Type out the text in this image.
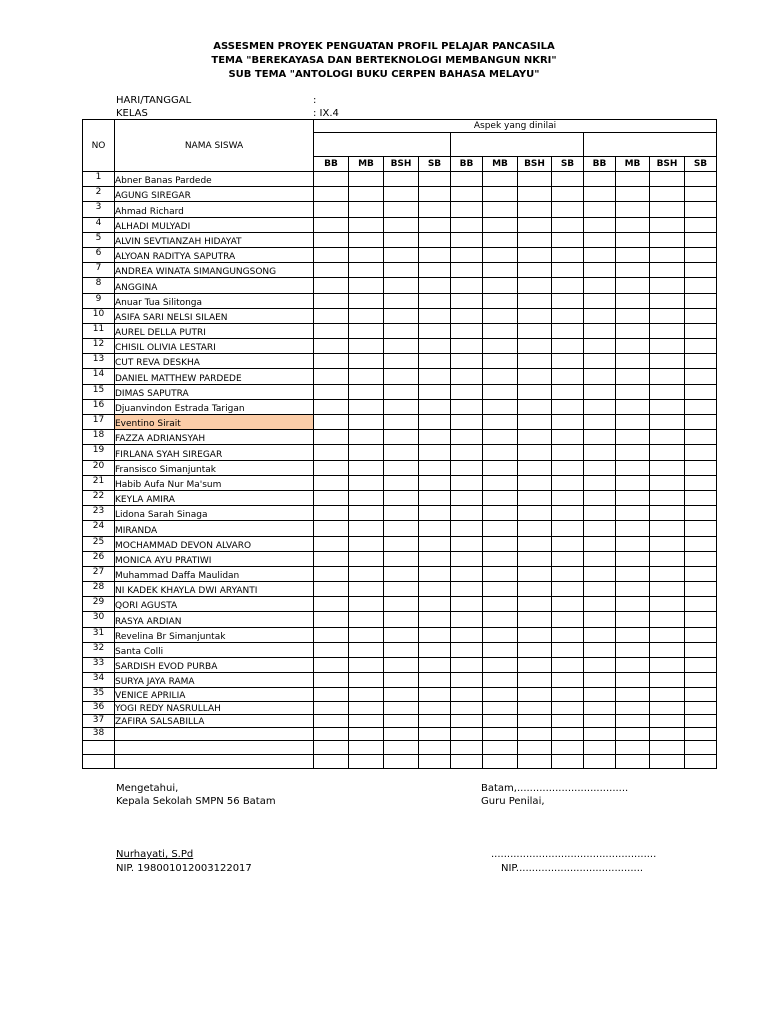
ASSESMEN PROYEK PENGUATAN PROFIL PELAJAR PANCASILA
TEMA "BEREKAYASA DAN BERTEKNOLOGI MEMBANGUN NKRI"
SUB TEMA "ANTOLOGI BUKU CERPEN BAHASA MELAYU"
HARI/TANGGAL	:
KELAS	: IX.4
NO	NAMA SISWA	Aspek yang dinilai											

		BB	MB	BSH	SB	BB	MB	BSH	SB	BB	MB	BSH	SB
1	Abner Banas Pardede												
2	AGUNG SIREGAR												
3	Ahmad Richard												
4	ALHADI MULYADI												
5	ALVIN SEVTIANZAH HIDAYAT												
6	ALYOAN RADITYA SAPUTRA												
7	ANDREA WINATA SIMANGUNGSONG												
8	ANGGINA												
9	Anuar Tua Silitonga												
10	ASIFA SARI NELSI SILAEN												
11	AUREL DELLA PUTRI												
12	CHISIL OLIVIA LESTARI												
13	CUT REVA DESKHA												
14	DANIEL MATTHEW PARDEDE												
15	DIMAS SAPUTRA												
16	Djuanvindon Estrada Tarigan												
17	Eventino Sirait												
18	FAZZA ADRIANSYAH												
19	FIRLANA SYAH SIREGAR												
20	Fransisco Simanjuntak												
21	Habib Aufa Nur Ma'sum												
22	KEYLA AMIRA												
23	Lidona Sarah Sinaga												
24	MIRANDA												
25	MOCHAMMAD DEVON ALVARO												
26	MONICA AYU PRATIWI												
27	Muhammad Daffa Maulidan												
28	NI KADEK KHAYLA DWI ARYANTI												
29	QORI AGUSTA												
30	RASYA ARDIAN												
31	Revelina Br Simanjuntak												
32	Santa Colli												
33	SARDISH EVOD PURBA												
34	SURYA JAYA RAMA												
35	VENICE APRILIA												
36	YOGI REDY NASRULLAH												
37	ZAFIRA SALSABILLA												
38													

Mengetahui,
Kepala Sekolah SMPN 56 Batam
Nurhayati, S.Pd
NIP. 198001012003122017
Batam,...................................
Guru Penilai,
....................................................
NIP........................................
